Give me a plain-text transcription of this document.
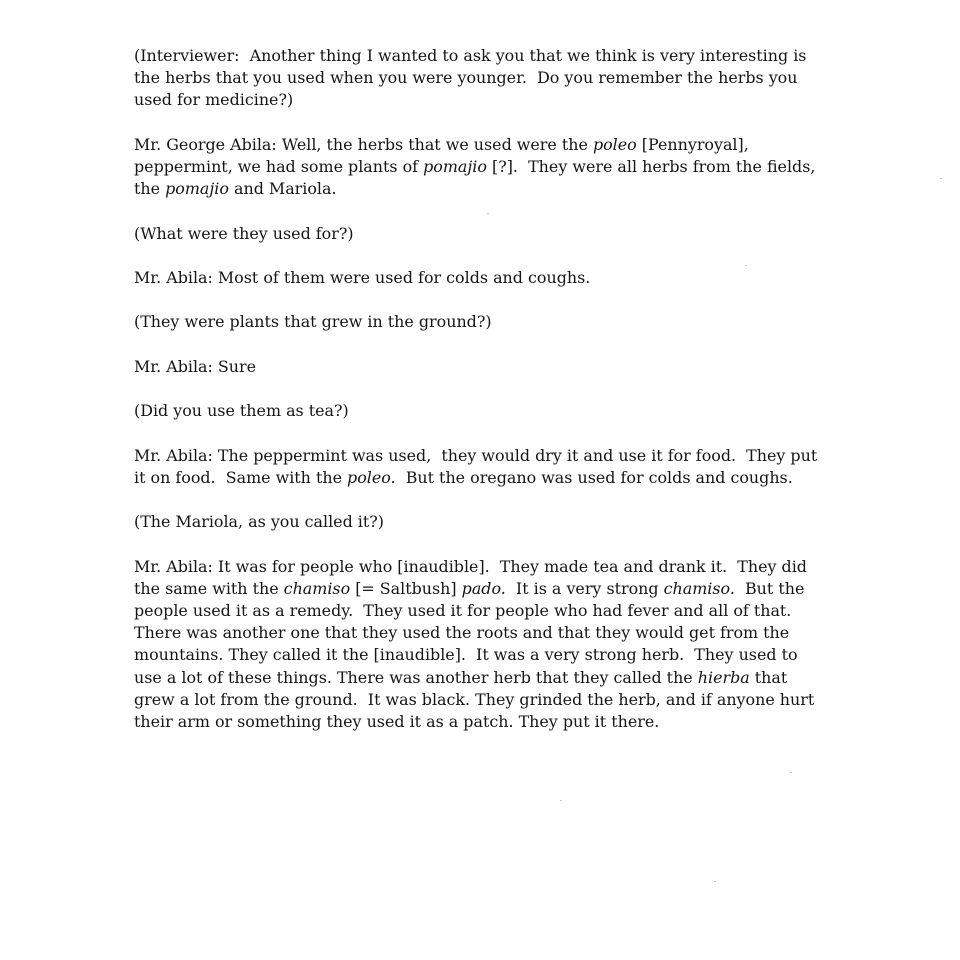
(Interviewer:  Another thing I wanted to ask you that we think is very interesting is the herbs that you used when you were younger.  Do you remember the herbs you used for medicine?)

Mr. George Abila: Well, the herbs that we used were the poleo [Pennyroyal], peppermint, we had some plants of pomajio [?].  They were all herbs from the fields, the pomajio and Mariola.

(What were they used for?)

Mr. Abila: Most of them were used for colds and coughs.

(They were plants that grew in the ground?)

Mr. Abila: Sure

(Did you use them as tea?)

Mr. Abila: The peppermint was used,  they would dry it and use it for food.  They put it on food.  Same with the poleo.  But the oregano was used for colds and coughs.

(The Mariola, as you called it?)

Mr. Abila: It was for people who [inaudible].  They made tea and drank it.  They did the same with the chamiso [= Saltbush] pado.  It is a very strong chamiso.  But the people used it as a remedy.  They used it for people who had fever and all of that.  There was another one that they used the roots and that they would get from the mountains. They called it the [inaudible].  It was a very strong herb.  They used to use a lot of these things. There was another herb that they called the hierba that grew a lot from the ground.  It was black. They grinded the herb, and if anyone hurt their arm or something they used it as a patch. They put it there.
